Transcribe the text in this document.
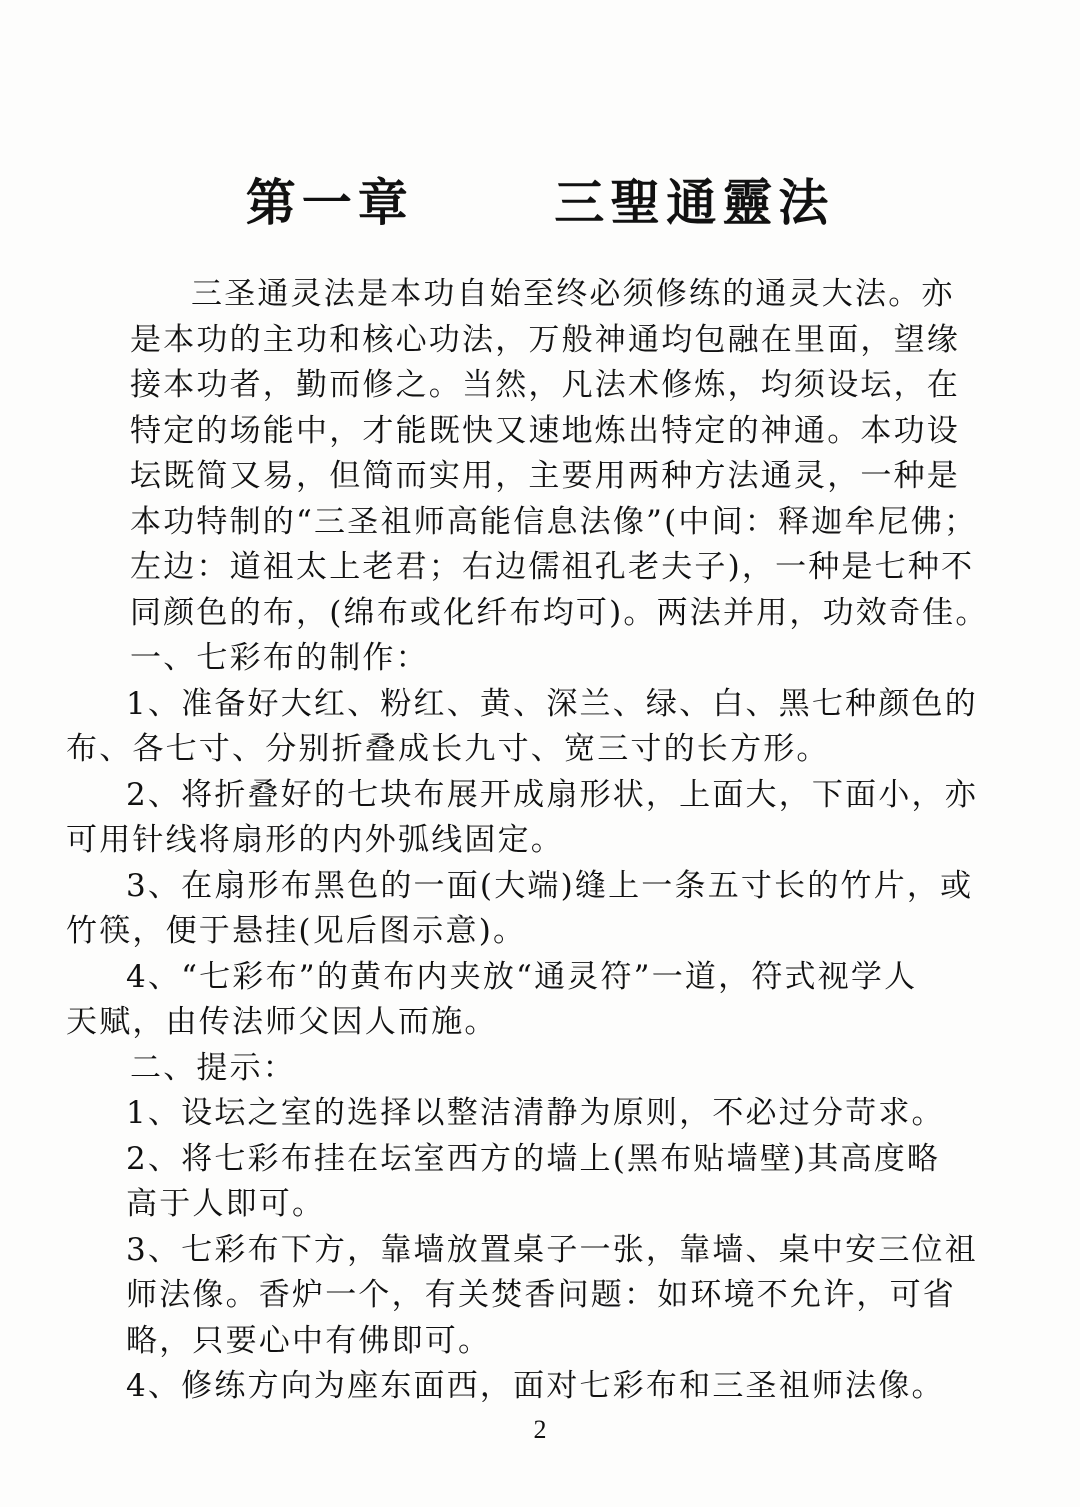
第一章      三聖通靈法
三圣通灵法是本功自始至终必须修练的通灵大法。亦
是本功的主功和核心功法，万般神通均包融在里面，望缘
接本功者，勤而修之。当然，凡法术修炼，均须设坛，在
特定的场能中，才能既快又速地炼出特定的神通。本功设
坛既简又易，但简而实用，主要用两种方法通灵，一种是
本功特制的“三圣祖师高能信息法像”(中间：释迦牟尼佛；
左边：道祖太上老君；右边儒祖孔老夫子)，一种是七种不
同颜色的布，(绵布或化纤布均可)。两法并用，功效奇佳。
一、七彩布的制作：
1、准备好大红、粉红、黄、深兰、绿、白、黑七种颜色的
布、各七寸、分别折叠成长九寸、宽三寸的长方形。
2、将折叠好的七块布展开成扇形状，上面大，下面小，亦
可用针线将扇形的内外弧线固定。
3、在扇形布黑色的一面(大端)缝上一条五寸长的竹片，或
竹筷，便于悬挂(见后图示意)。
4、“七彩布”的黄布内夹放“通灵符”一道，符式视学人
天赋，由传法师父因人而施。
二、提示：
1、设坛之室的选择以整洁清静为原则，不必过分苛求。
2、将七彩布挂在坛室西方的墙上(黑布贴墙壁)其高度略
高于人即可。
3、七彩布下方，靠墙放置桌子一张，靠墙、桌中安三位祖
师法像。香炉一个，有关焚香问题：如环境不允许，可省
略，只要心中有佛即可。
4、修练方向为座东面西，面对七彩布和三圣祖师法像。
2
